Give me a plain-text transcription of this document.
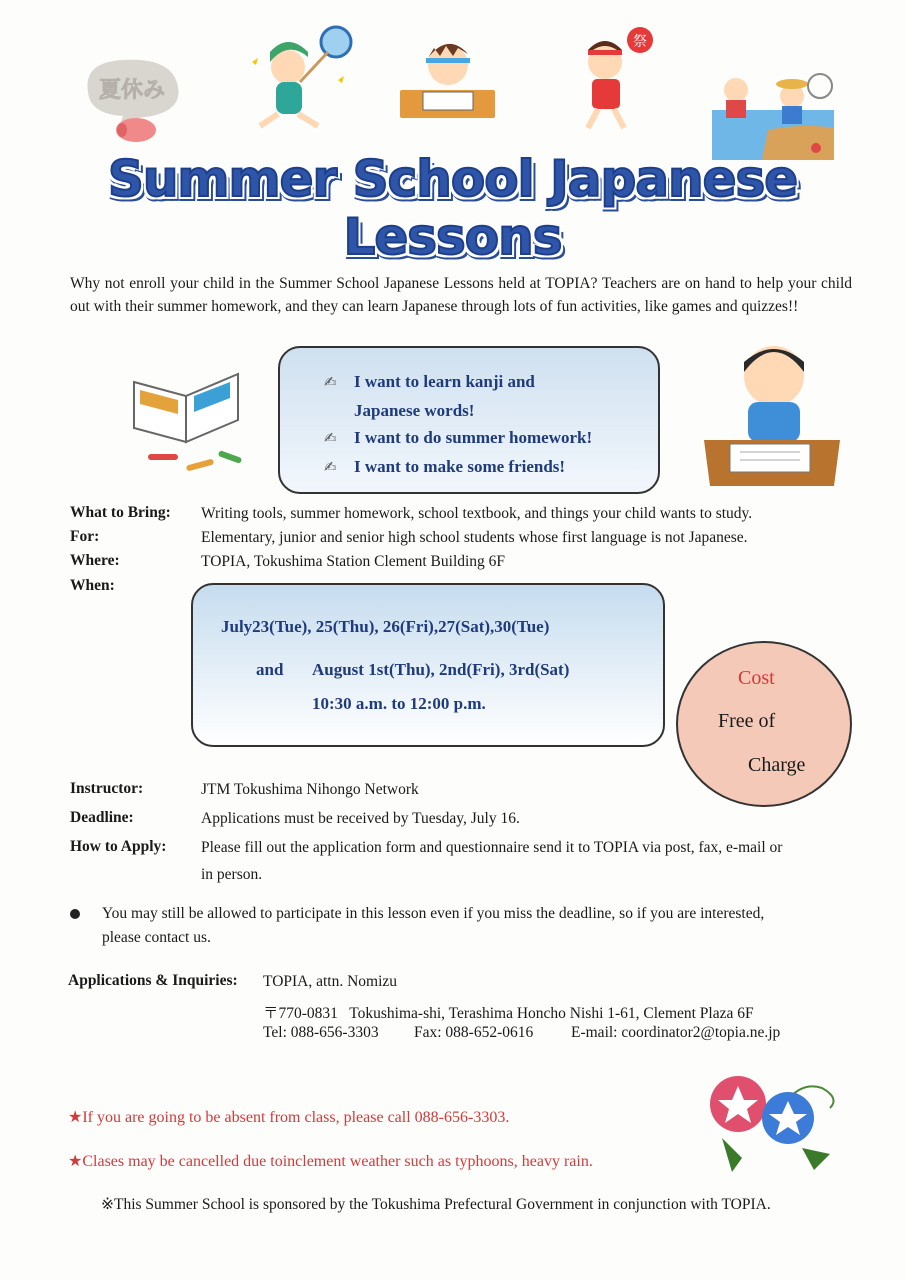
夏休み
祭
Summer School Japanese Lessons

Why not enroll your child in the Summer School Japanese Lessons held at TOPIA? Teachers are on hand to help your child out with their summer homework, and they can learn Japanese through lots of fun activities, like games and quizzes!!

✍ I want to learn kanji and
Japanese words!
✍ I want to do summer homework!
✍ I want to make some friends!
What to Bring: Writing tools, summer homework, school textbook, and things your child wants to study.
For:	Elementary, junior and senior high school students whose first language is not Japanese.
Where:	TOPIA, Tokushima Station Clement Building 6F
When:
July23(Tue), 25(Thu), 26(Fri),27(Sat),30(Tue)
and August 1st(Thu), 2nd(Fri), 3rd(Sat)
10:30 a.m. to 12:00 p.m.
Cost
Free of
Charge
Instructor:	JTM Tokushima Nihongo Network
Deadline:	Applications must be received by Tuesday, July 16.
How to Apply: Please fill out the application form and questionnaire send it to TOPIA via post, fax, e-mail or
in person.
You may still be allowed to participate in this lesson even if you miss the deadline, so if you are interested,
please contact us.
Applications & Inquiries: TOPIA, attn. Nomizu
〒770-0831   Tokushima-shi, Terashima Honcho Nishi 1-61, Clement Plaza 6F
Tel: 088-656-3303 Fax: 088-652-0616 E-mail: coordinator2@topia.ne.jp
★If you are going to be absent from class, please call 088-656-3303.
★Clases may be cancelled due toinclement weather such as typhoons, heavy rain.
※This Summer School is sponsored by the Tokushima Prefectural Government in conjunction with TOPIA.
